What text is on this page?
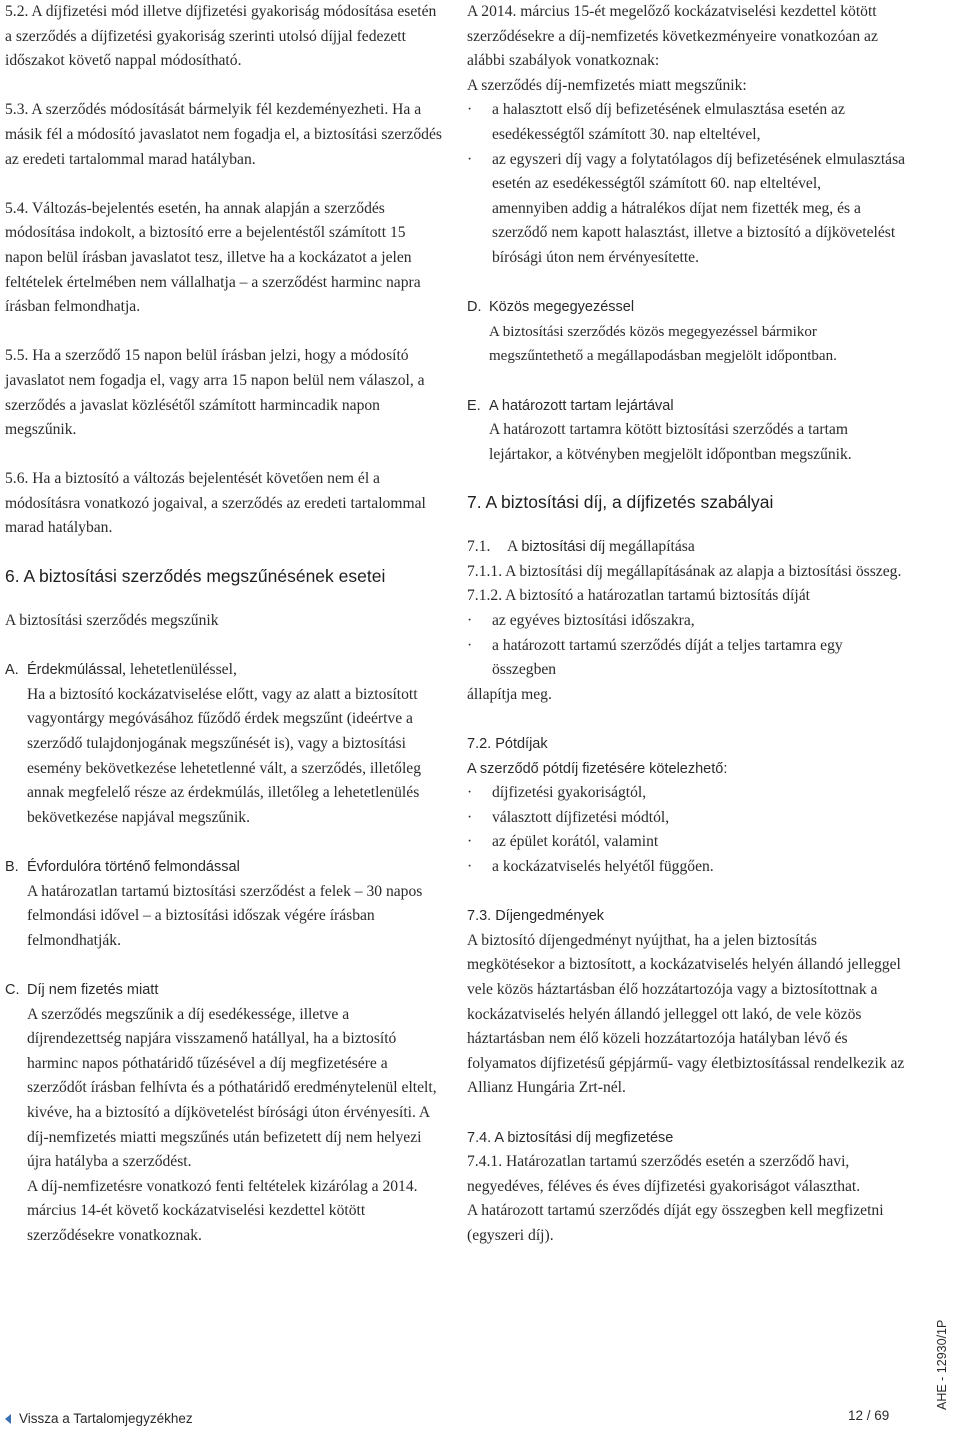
5.2. A díjfizetési mód illetve díjfizetési gyakoriság módosítása esetén a szerződés a díjfizetési gyakoriság szerinti utolsó díjjal fedezett időszakot követő nappal módosítható.

5.3. A szerződés módosítását bármelyik fél kezdeményezheti. Ha a másik fél a módosító javaslatot nem fogadja el, a biztosítási szerződés az eredeti tartalommal marad hatályban.

5.4. Változás-bejelentés esetén, ha annak alapján a szerződés módosítása indokolt, a biztosító erre a bejelentéstől számított 15 napon belül írásban javaslatot tesz, illetve ha a kockázatot a jelen feltételek értelmében nem vállalhatja – a szerződést harminc napra írásban felmondhatja.

5.5. Ha a szerződő 15 napon belül írásban jelzi, hogy a módosító javaslatot nem fogadja el, vagy arra 15 napon belül nem válaszol, a szerződés a javaslat közlésétől számított harmincadik napon megszűnik.

5.6. Ha a biztosító a változás bejelentését követően nem él a módosításra vonatkozó jogaival, a szerződés az eredeti tartalommal marad hatályban.

6. A biztosítási szerződés megszűnésének esetei

A biztosítási szerződés megszűnik

A. Érdekmúlással, lehetetlenüléssel,

Ha a biztosító kockázatviselése előtt, vagy az alatt a biztosított vagyontárgy megóvásához fűződő érdek megszűnt (ideértve a szerződő tulajdonjogának megszűnését is), vagy a biztosítási esemény bekövetkezése lehetetlenné vált, a szerződés, illetőleg annak megfelelő része az érdekmúlás, illetőleg a lehetetlenülés bekövetkezése napjával megszűnik.

B. Évfordulóra történő felmondással

A határozatlan tartamú biztosítási szerződést a felek – 30 napos felmondási idővel – a biztosítási időszak végére írásban felmondhatják.

C. Díj nem fizetés miatt

A szerződés megszűnik a díj esedékessége, illetve a díjrendezettség napjára visszamenő hatállyal, ha a biztosító harminc napos póthatáridő tűzésével a díj megfizetésére a szerződőt írásban felhívta és a póthatáridő eredménytelenül eltelt, kivéve, ha a biztosító a díjkövetelést bírósági úton érvényesíti. A díj-nemfizetés miatti megszűnés után befizetett díj nem helyezi újra hatályba a szerződést.

A díj-nemfizetésre vonatkozó fenti feltételek kizárólag a 2014. március 14-ét követő kockázatviselési kezdettel kötött szerződésekre vonatkoznak.

A 2014. március 15-ét megelőző kockázatviselési kezdettel kötött szerződésekre a díj-nemfizetés következményeire vonatkozóan az alábbi szabályok vonatkoznak:

A szerződés díj-nemfizetés miatt megszűnik:

·	a halasztott első díj befizetésének elmulasztása esetén az esedékességtől számított 30. nap elteltével,
·	az egyszeri díj vagy a folytatólagos díj befizetésének elmulasztása esetén az esedékességtől számított 60. nap elteltével,

amennyiben addig a hátralékos díjat nem fizették meg, és a szerződő nem kapott halasztást, illetve a biztosító a díjkövetelést bírósági úton nem érvényesítette.

D. Közös megegyezéssel

A biztosítási szerződés közös megegyezéssel bármikor megszűntethető a megállapodásban megjelölt időpontban.

E. A határozott tartam lejártával

A határozott tartamra kötött biztosítási szerződés a tartam lejártakor, a kötvényben megjelölt időpontban megszűnik.

7. A biztosítási díj, a díjfizetés szabályai
7.1. A biztosítási díj megállapítása

7.1.1. A biztosítási díj megállapításának az alapja a biztosítási összeg.

7.1.2. A biztosító a határozatlan tartamú biztosítás díját

·	az egyéves biztosítási időszakra,
·	a határozott tartamú szerződés díját a teljes tartamra egy összegben

állapítja meg.

7.2. Pótdíjak
A szerződő pótdíj fizetésére kötelezhető:
·	díjfizetési gyakoriságtól,
·	választott díjfizetési módtól,
·	az épület korától, valamint
·	a kockázatviselés helyétől függően.
7.3. Díjengedmények

A biztosító díjengedményt nyújthat, ha a jelen biztosítás megkötésekor a biztosított, a kockázatviselés helyén állandó jelleggel vele közös háztartásban élő hozzátartozója vagy a biztosítottnak a kockázatviselés helyén állandó jelleggel ott lakó, de vele közös háztartásban nem élő közeli hozzátartozója hatályban lévő és folyamatos díjfizetésű gépjármű- vagy életbiztosítással rendelkezik az Allianz Hungária Zrt-nél.

7.4. A biztosítási díj megfizetése

7.4.1. Határozatlan tartamú szerződés esetén a szerződő havi, negyedéves, féléves és éves díjfizetési gyakoriságot választhat.

A határozott tartamú szerződés díját egy összegben kell megfizetni (egyszeri díj).

Vissza a Tartalomjegyzékhez	12 / 69
AHE - 12930/1P
